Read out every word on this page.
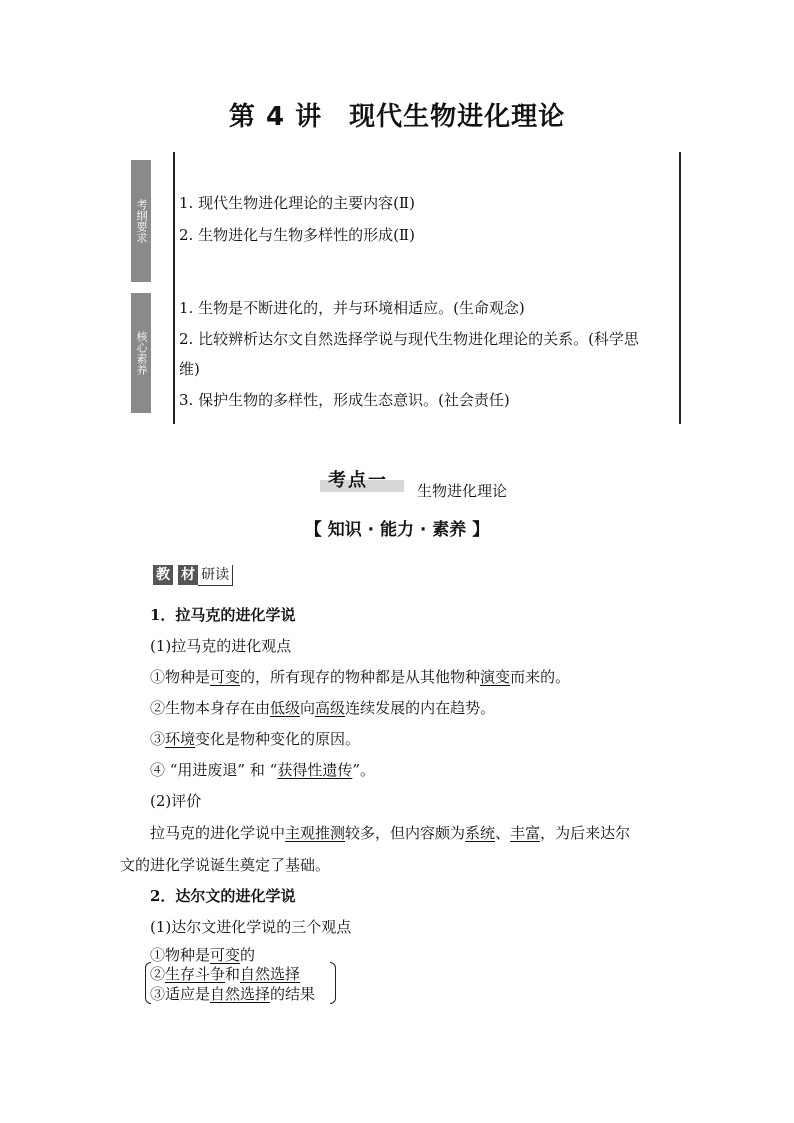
第 4 讲　现代生物进化理论
考纲要求 1. 现代生物进化理论的主要内容(Ⅱ)
2. 生物进化与生物多样性的形成(Ⅱ)
核心素养
1. 生物是不断进化的，并与环境相适应。(生命观念)
2. 比较辨析达尔文自然选择学说与现代生物进化理论的关系。(科学思
维)
3. 保护生物的多样性，形成生态意识。(社会责任)
考点一 生物进化理论
【 知识 · 能力 · 素养 】
教 材 研读
1．拉马克的进化学说
(1)拉马克的进化观点
①物种是可变的，所有现存的物种都是从其他物种演变而来的。
②生物本身存在由低级向高级连续发展的内在趋势。
③环境变化是物种变化的原因。
④ “用进废退” 和 “获得性遗传”。
(2)评价
拉马克的进化学说中主观推测较多，但内容颇为系统、丰富，为后来达尔
文的进化学说诞生奠定了基础。
2．达尔文的进化学说
(1)达尔文进化学说的三个观点
①物种是可变的
②生存斗争和自然选择
③适应是自然选择的结果
